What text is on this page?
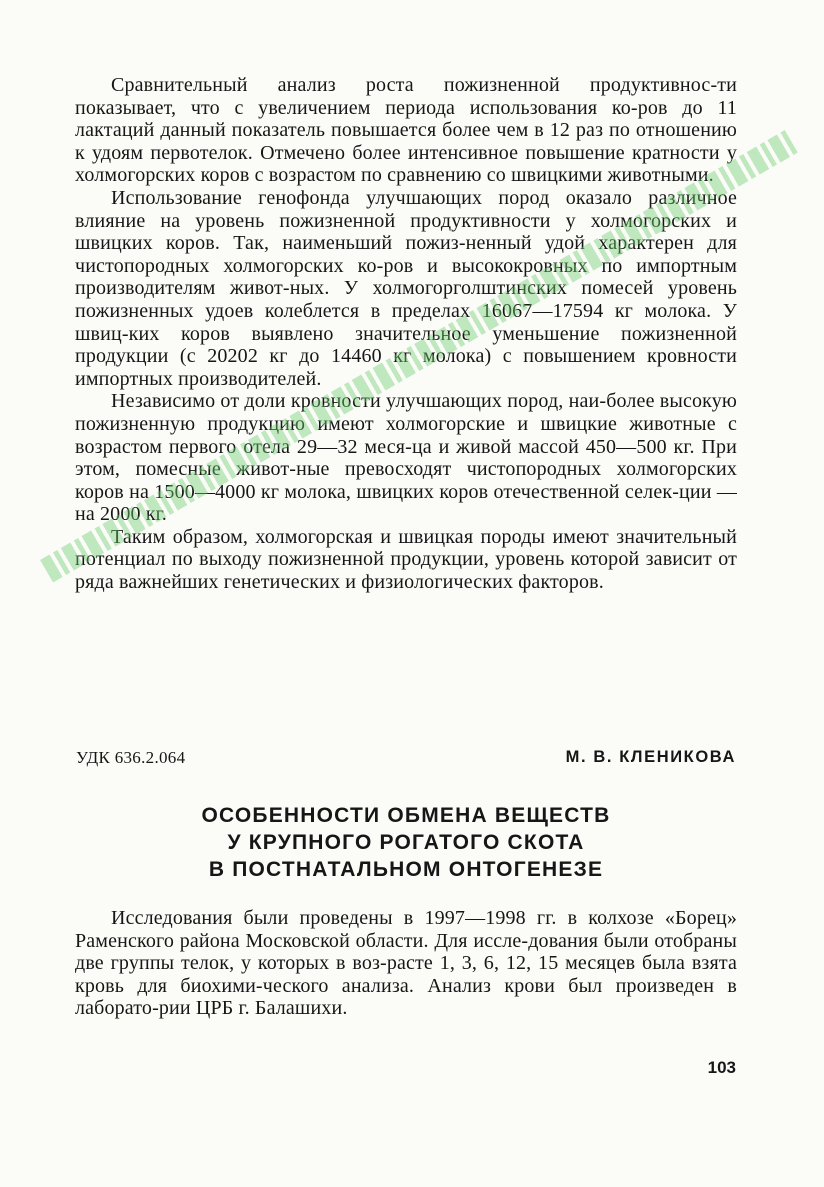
Сравнительный анализ роста пожизненной продуктивнос-ти показывает, что с увеличением периода использования ко-ров до 11 лактаций данный показатель повышается более чем в 12 раз по отношению к удоям первотелок. Отмечено более интенсивное повышение кратности у холмогорских коров с возрастом по сравнению со швицкими животными.

Использование генофонда улучшающих пород оказало различное влияние на уровень пожизненной продуктивности у холмогорских и швицких коров. Так, наименьший пожиз-ненный удой характерен для чистопородных холмогорских ко-ров и высококровных по импортным производителям живот-ных. У холмогорголштинских помесей уровень пожизненных удоев колеблется в пределах 16067—17594 кг молока. У швиц-ких коров выявлено значительное уменьшение пожизненной продукции (с 20202 кг до 14460 кг молока) с повышением кровности импортных производителей.

Независимо от доли кровности улучшающих пород, наи-более высокую пожизненную продукцию имеют холмогорские и швицкие животные с возрастом первого отела 29—32 меся-ца и живой массой 450—500 кг. При этом, помесные живот-ные превосходят чистопородных холмогорских коров на 1500—4000 кг молока, швицких коров отечественной селек-ции — на 2000 кг.

Таким образом, холмогорская и швицкая породы имеют значительный потенциал по выходу пожизненной продукции, уровень которой зависит от ряда важнейших генетических и физиологических факторов.

УДК 636.2.064	М. В. КЛЕНИКОВА
ОСОБЕННОСТИ ОБМЕНА ВЕЩЕСТВ
У КРУПНОГО РОГАТОГО СКОТА
В ПОСТНАТАЛЬНОМ ОНТОГЕНЕЗЕ

Исследования были проведены в 1997—1998 гг. в колхозе «Борец» Раменского района Московской области. Для иссле-дования были отобраны две группы телок, у которых в воз-расте 1, 3, 6, 12, 15 месяцев была взята кровь для биохими-ческого анализа. Анализ крови был произведен в лаборато-рии ЦРБ г. Балашихи.

103
